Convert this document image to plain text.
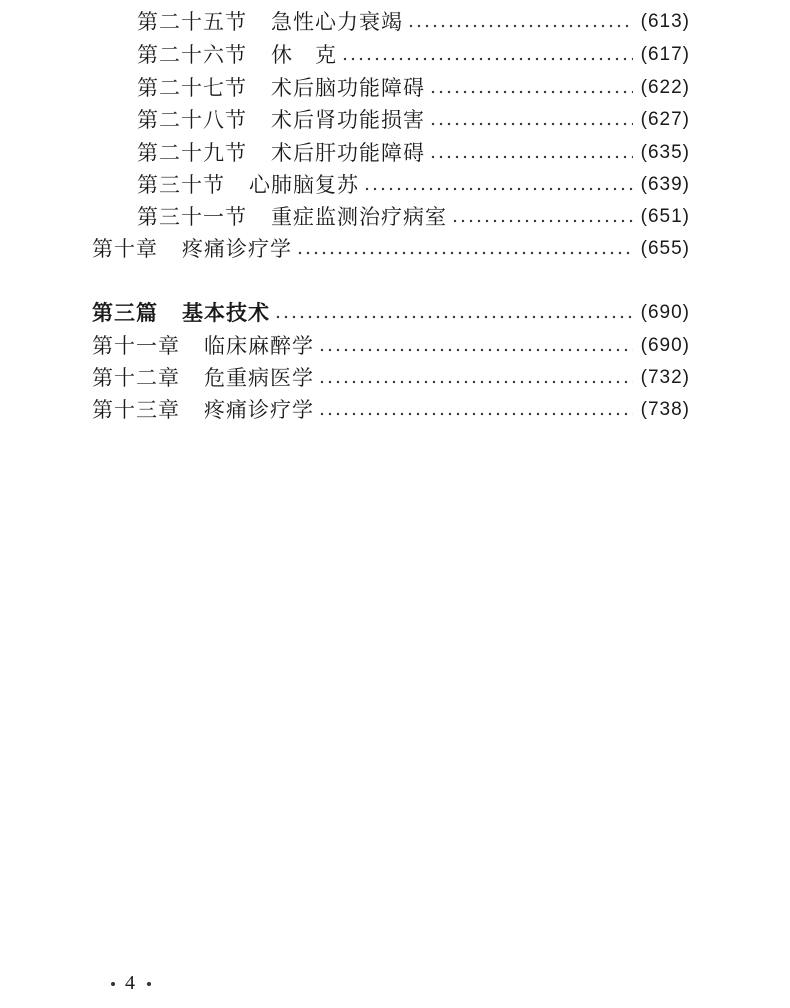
第二十五节 急性心力衰竭	(613)
第二十六节 休　克	(617)
第二十七节 术后脑功能障碍	(622)
第二十八节 术后肾功能损害	(627)
第二十九节 术后肝功能障碍	(635)
第三十节 心肺脑复苏	(639)
第三十一节 重症监测治疗病室	(651)
第十章 疼痛诊疗学	(655)
第三篇 基本技术	(690)
第十一章 临床麻醉学	(690)
第十二章 危重病医学	(732)
第十三章 疼痛诊疗学	(738)
4
